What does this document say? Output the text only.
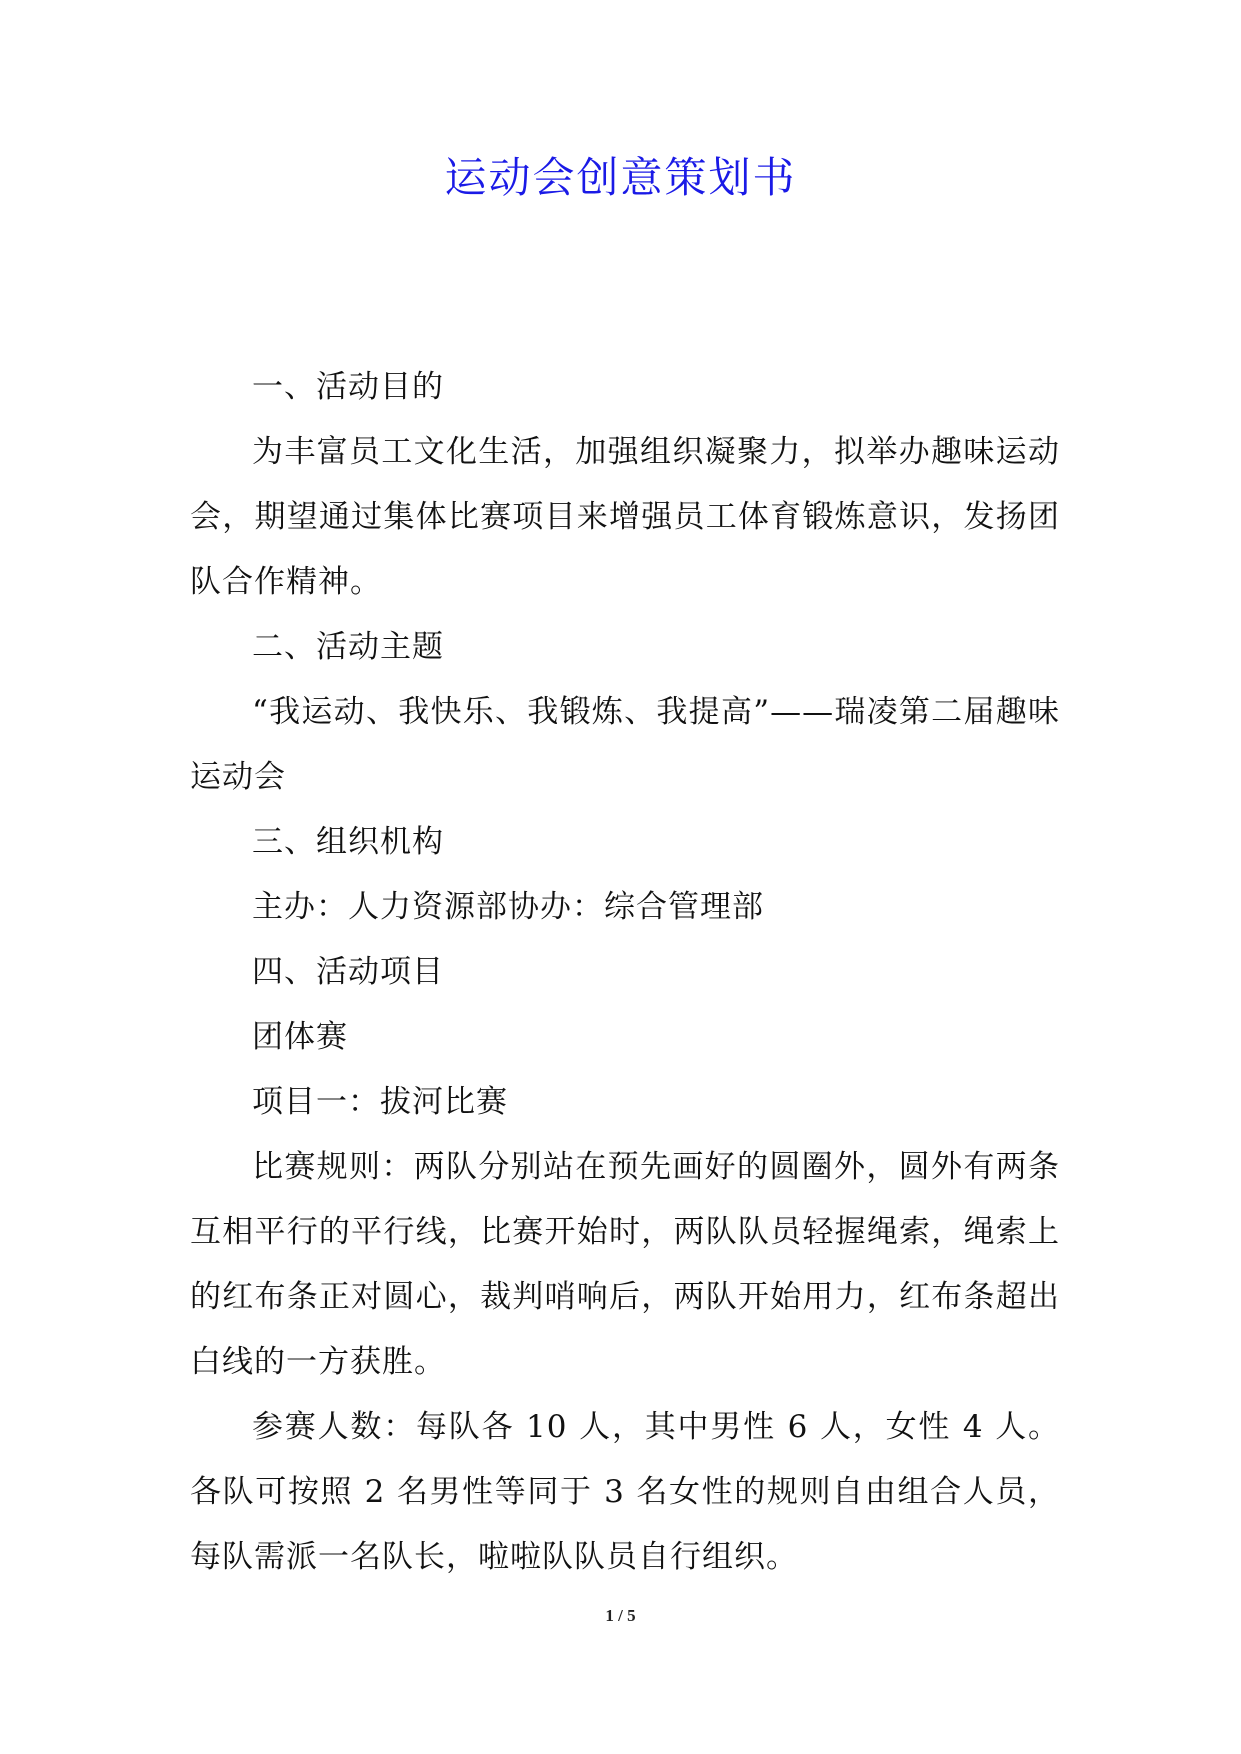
运动会创意策划书

一、活动目的

为丰富员工文化生活，加强组织凝聚力，拟举办趣味运动会，期望通过集体比赛项目来增强员工体育锻炼意识，发扬团队合作精神。

二、活动主题

“我运动、我快乐、我锻炼、我提高”——瑞凌第二届趣味运动会

三、组织机构

主办：人力资源部协办：综合管理部

四、活动项目

团体赛

项目一：拔河比赛

比赛规则：两队分别站在预先画好的圆圈外，圆外有两条互相平行的平行线，比赛开始时，两队队员轻握绳索，绳索上的红布条正对圆心，裁判哨响后，两队开始用力，红布条超出白线的一方获胜。

参赛人数：每队各 10 人，其中男性 6 人，女性 4 人。各队可按照 2 名男性等同于 3 名女性的规则自由组合人员，每队需派一名队长，啦啦队队员自行组织。

1 / 5
